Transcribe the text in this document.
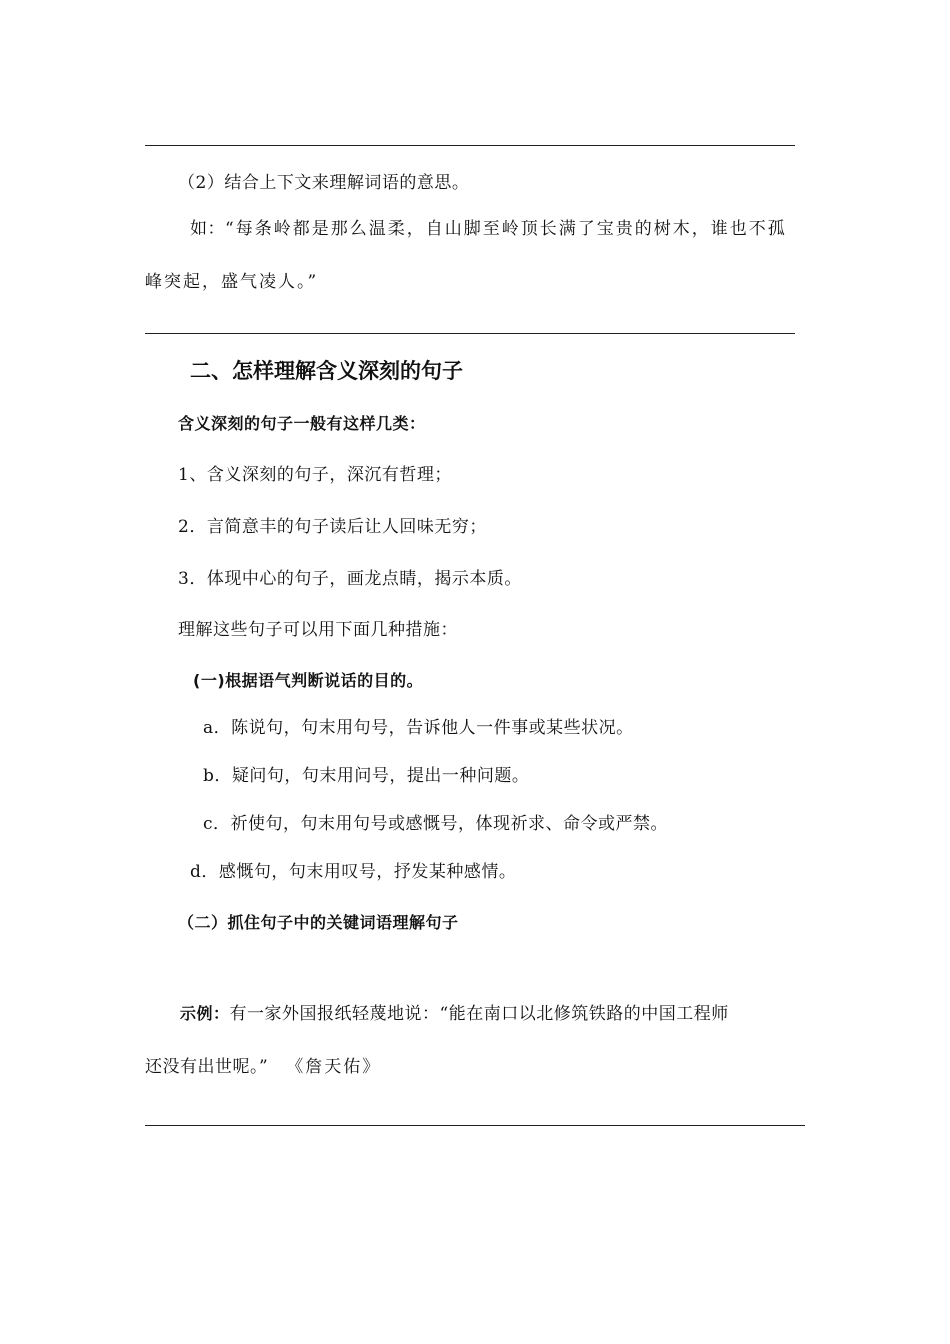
（2）结合上下文来理解词语的意思。
如：“每条岭都是那么温柔，自山脚至岭顶长满了宝贵的树木，谁也不孤
峰突起，盛气凌人。”
二、怎样理解含义深刻的句子
含义深刻的句子一般有这样几类：
1、含义深刻的句子，深沉有哲理；
2．言简意丰的句子读后让人回味无穷；
3．体现中心的句子，画龙点睛，揭示本质。
理解这些句子可以用下面几种措施：
(一)根据语气判断说话的目的。
a．陈说句，句末用句号，告诉他人一件事或某些状况。
b．疑问句，句末用问号，提出一种问题。
c．祈使句，句末用句号或感慨号，体现祈求、命令或严禁。
d．感慨句，句末用叹号，抒发某种感情。
（二）抓住句子中的关键词语理解句子
示例：有一家外国报纸轻蔑地说：“能在南口以北修筑铁路的中国工程师
还没有出世呢。” 《詹天佑》
